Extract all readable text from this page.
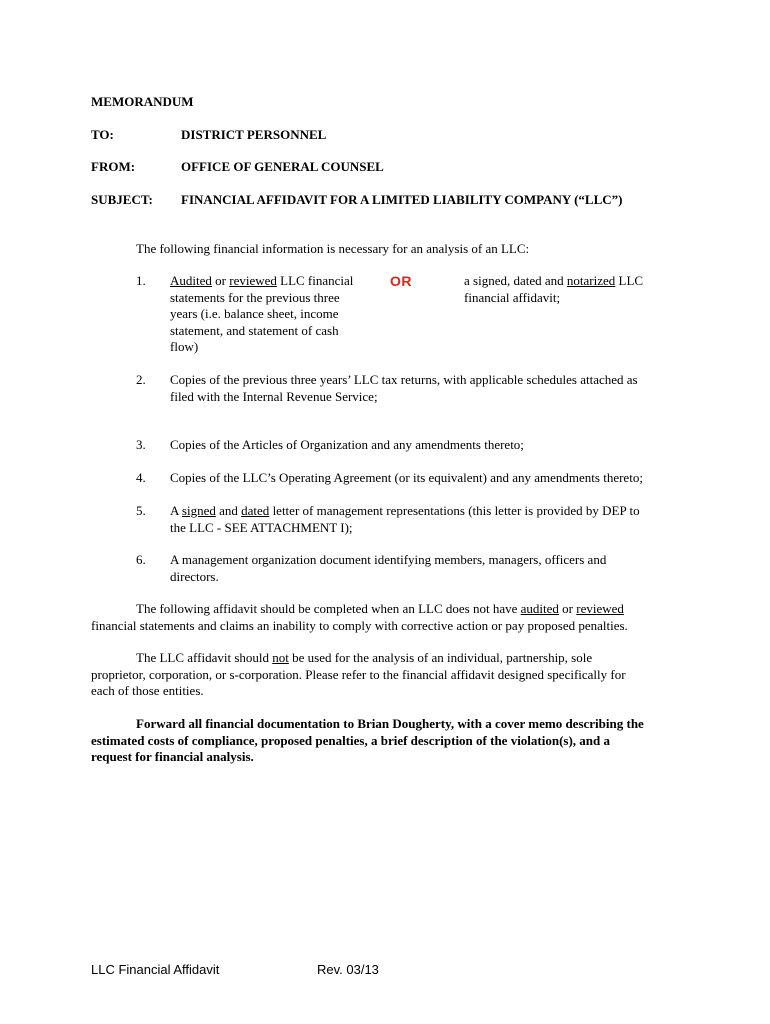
MEMORANDUM
TO:	DISTRICT PERSONNEL
FROM:	OFFICE OF GENERAL COUNSEL
SUBJECT: FINANCIAL AFFIDAVIT FOR A LIMITED LIABILITY COMPANY (“LLC”)
The following financial information is necessary for an analysis of an LLC:
1. Audited or reviewed LLC financial
statements for the previous three
years (i.e. balance sheet, income
statement, and statement of cash
flow)
OR	a signed, dated and notarized LLC
financial affidavit;
2. Copies of the previous three years’ LLC tax returns, with applicable schedules attached as
filed with the Internal Revenue Service;
3. Copies of the Articles of Organization and any amendments thereto;
4. Copies of the LLC’s Operating Agreement (or its equivalent) and any amendments thereto;
5. A signed and dated letter of management representations (this letter is provided by DEP to
the LLC - SEE ATTACHMENT I);
6. A management organization document identifying members, managers, officers and
directors.
The following affidavit should be completed when an LLC does not have audited or reviewed
financial statements and claims an inability to comply with corrective action or pay proposed penalties.
The LLC affidavit should not be used for the analysis of an individual, partnership, sole
proprietor, corporation, or s-corporation. Please refer to the financial affidavit designed specifically for
each of those entities.
Forward all financial documentation to Brian Dougherty, with a cover memo describing the
estimated costs of compliance, proposed penalties, a brief description of the violation(s), and a
request for financial analysis.
LLC Financial Affidavit	Rev. 03/13
